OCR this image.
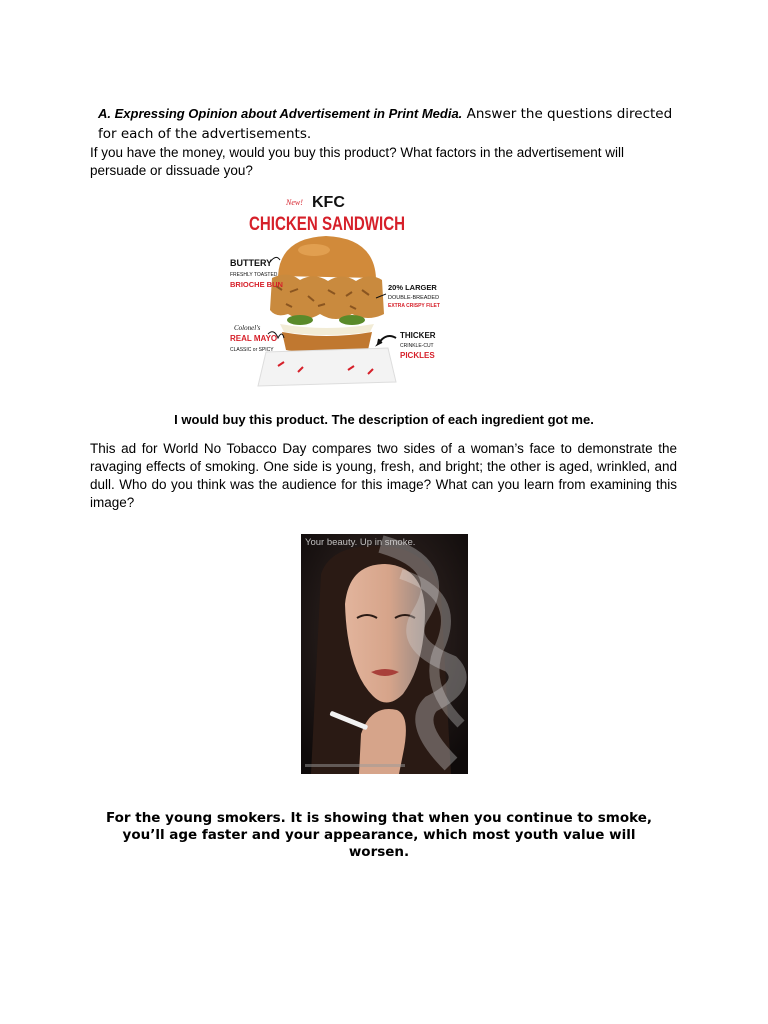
A. Expressing Opinion about Advertisement in Print Media. Answer the questions directed for each of the advertisements.
If you have the money, would you buy this product? What factors in the advertisement will persuade or dissuade you?
New! KFC
CHICKEN SANDWICH
BUTTERY
FRESHLY TOASTED
BRIOCHE BUN
Colonel's
REAL MAYO
CLASSIC or SPICY
20% LARGER
DOUBLE-BREADED
EXTRA CRISPY FILET
THICKER
CRINKLE-CUT
PICKLES
I would buy this product. The description of each ingredient got me.
This ad for World No Tobacco Day compares two sides of a woman’s face to demonstrate the ravaging effects of smoking. One side is young, fresh, and bright; the other is aged, wrinkled, and dull. Who do you think was the audience for this image? What can you learn from examining this image?
Your beauty. Up in smoke.
For the young smokers. It is showing that when you continue to smoke, you’ll age faster and your appearance, which most youth value will worsen.
